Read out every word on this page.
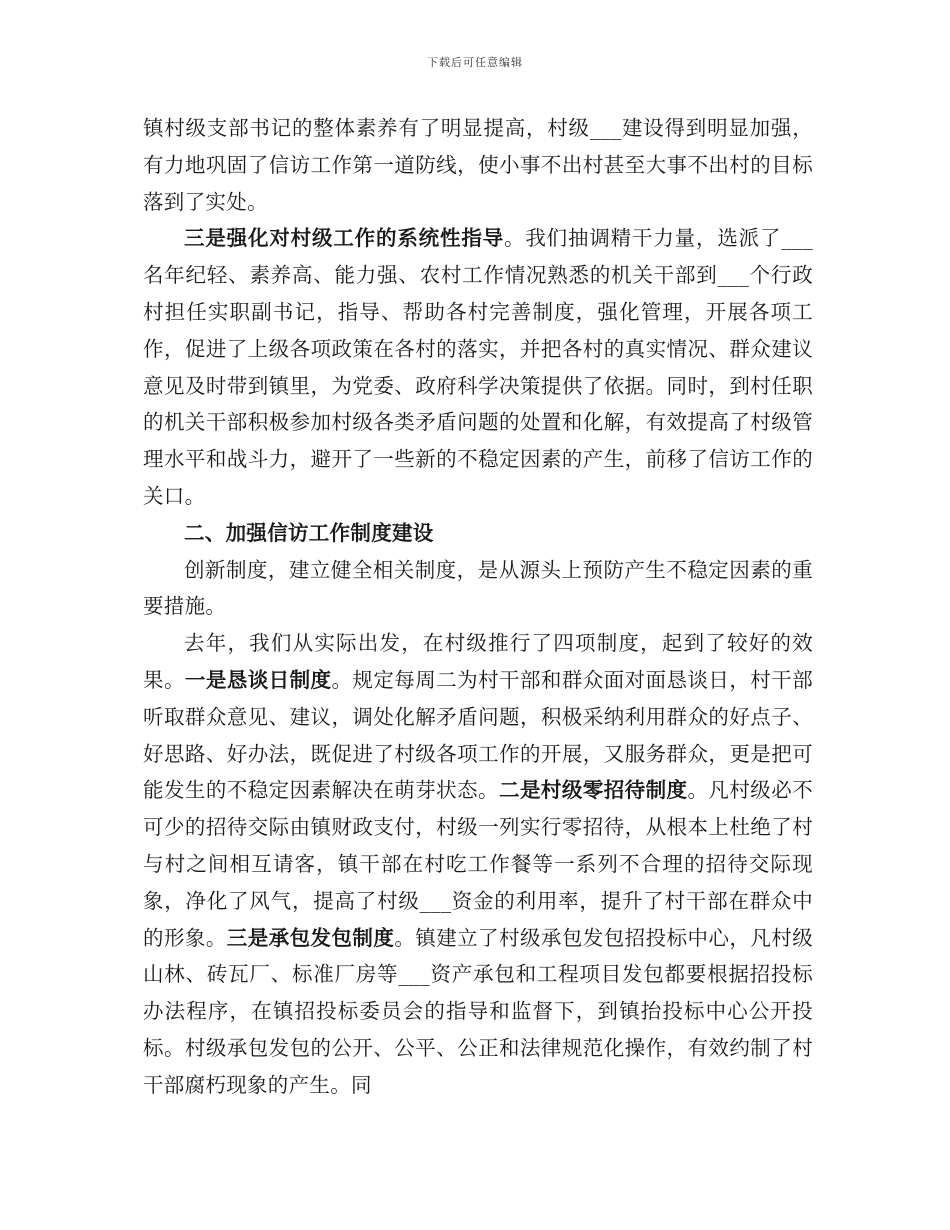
下载后可任意编辑

镇村级支部书记的整体素养有了明显提高，村级___建设得到明显加强，有力地巩固了信访工作第一道防线，使小事不出村甚至大事不出村的目标落到了实处。

三是强化对村级工作的系统性指导。我们抽调精干力量，选派了___名年纪轻、素养高、能力强、农村工作情况熟悉的机关干部到___个行政村担任实职副书记，指导、帮助各村完善制度，强化管理，开展各项工作，促进了上级各项政策在各村的落实，并把各村的真实情况、群众建议意见及时带到镇里，为党委、政府科学决策提供了依据。同时，到村任职的机关干部积极参加村级各类矛盾问题的处置和化解，有效提高了村级管理水平和战斗力，避开了一些新的不稳定因素的产生，前移了信访工作的关口。

二、加强信访工作制度建设

创新制度，建立健全相关制度，是从源头上预防产生不稳定因素的重要措施。

去年，我们从实际出发，在村级推行了四项制度，起到了较好的效果。一是恳谈日制度。规定每周二为村干部和群众面对面恳谈日，村干部听取群众意见、建议，调处化解矛盾问题，积极采纳利用群众的好点子、好思路、好办法，既促进了村级各项工作的开展，又服务群众，更是把可能发生的不稳定因素解决在萌芽状态。二是村级零招待制度。凡村级必不可少的招待交际由镇财政支付，村级一列实行零招待，从根本上杜绝了村与村之间相互请客，镇干部在村吃工作餐等一系列不合理的招待交际现象，净化了风气，提高了村级___资金的利用率，提升了村干部在群众中的形象。三是承包发包制度。镇建立了村级承包发包招投标中心，凡村级山林、砖瓦厂、标准厂房等___资产承包和工程项目发包都要根据招投标办法程序，在镇招投标委员会的指导和监督下，到镇抬投标中心公开投标。村级承包发包的公开、公平、公正和法律规范化操作，有效约制了村干部腐朽现象的产生。同
